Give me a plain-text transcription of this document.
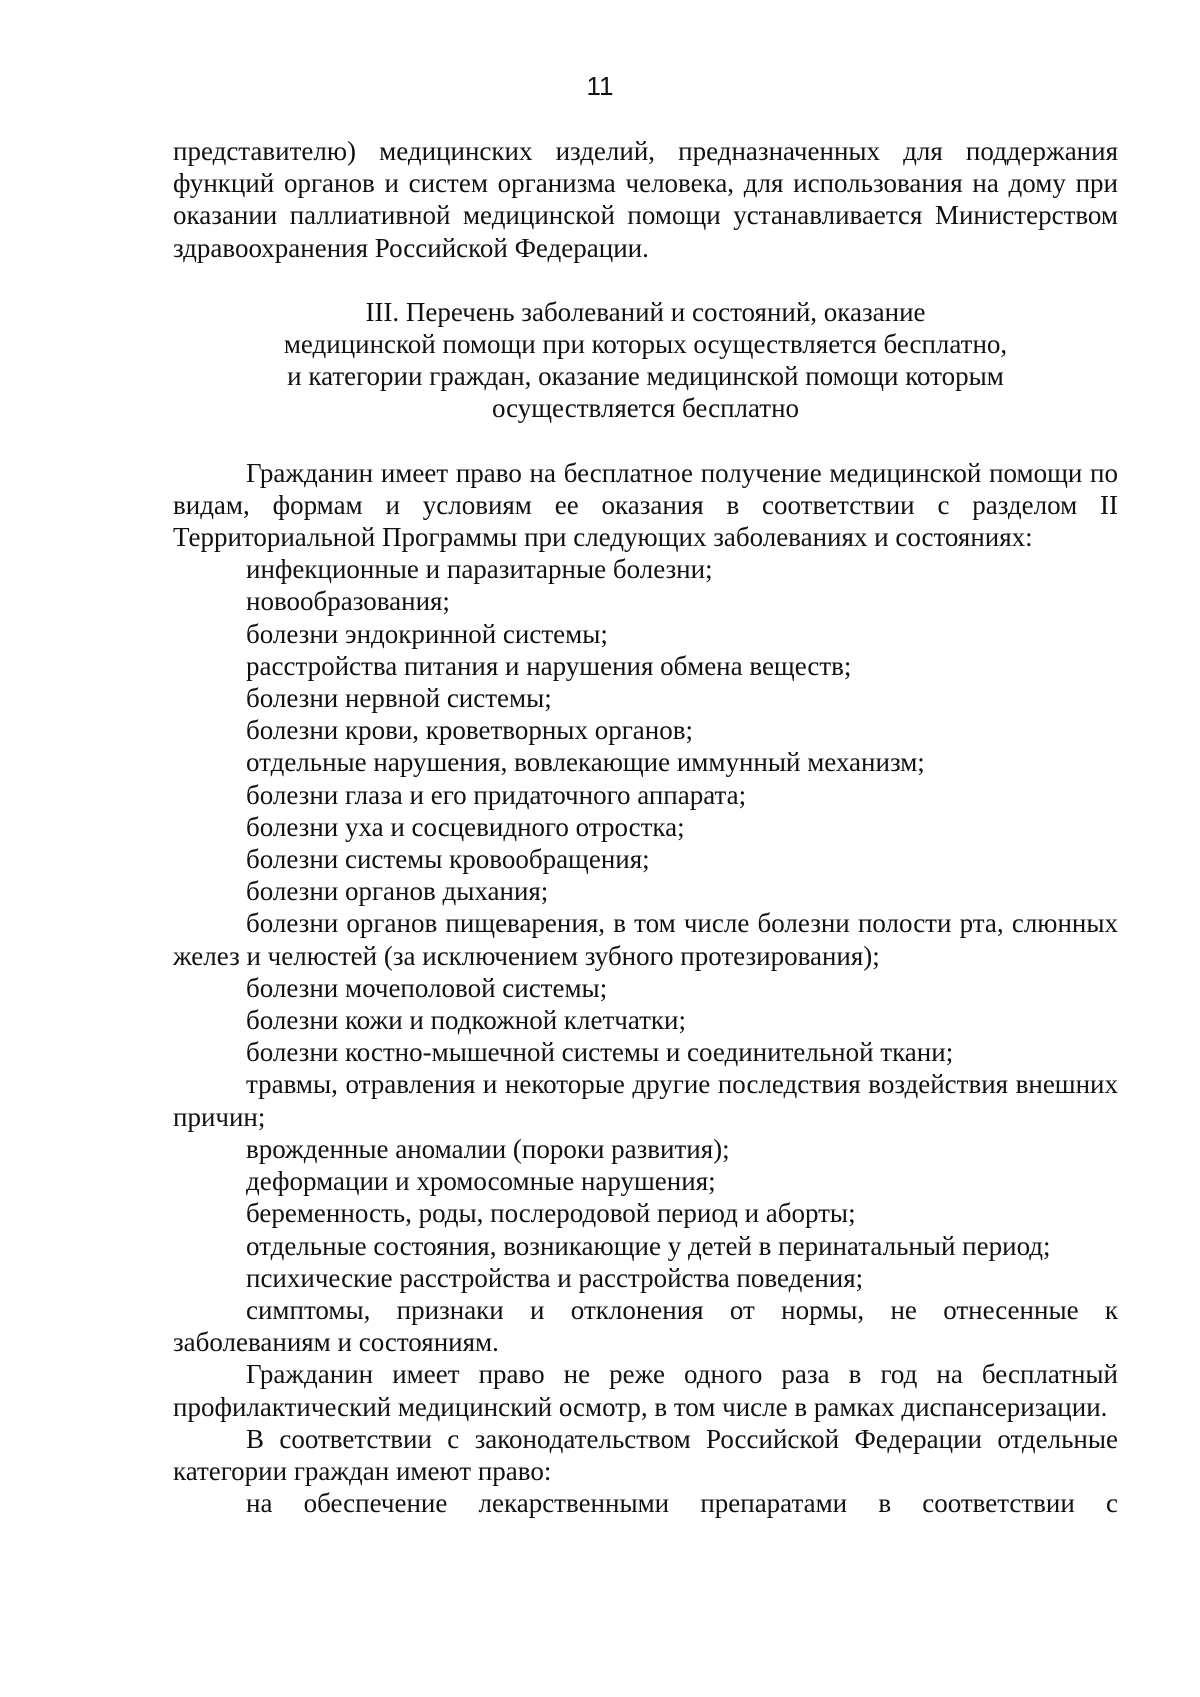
11

представителю) медицинских изделий, предназначенных для поддержания функций органов и систем организма человека, для использования на дому при оказании паллиативной медицинской помощи устанавливается Министерством здравоохранения Российской Федерации.

III. Перечень заболеваний и состояний, оказание
медицинской помощи при которых осуществляется бесплатно,
и категории граждан, оказание медицинской помощи которым
осуществляется бесплатно

Гражданин имеет право на бесплатное получение медицинской помощи по видам, формам и условиям ее оказания в соответствии с разделом II Территориальной Программы при следующих заболеваниях и состояниях:

инфекционные и паразитарные болезни;

новообразования;

болезни эндокринной системы;

расстройства питания и нарушения обмена веществ;

болезни нервной системы;

болезни крови, кроветворных органов;

отдельные нарушения, вовлекающие иммунный механизм;

болезни глаза и его придаточного аппарата;

болезни уха и сосцевидного отростка;

болезни системы кровообращения;

болезни органов дыхания;

болезни органов пищеварения, в том числе болезни полости рта, слюнных желез и челюстей (за исключением зубного протезирования);

болезни мочеполовой системы;

болезни кожи и подкожной клетчатки;

болезни костно-мышечной системы и соединительной ткани;

травмы, отравления и некоторые другие последствия воздействия внешних причин;

врожденные аномалии (пороки развития);

деформации и хромосомные нарушения;

беременность, роды, послеродовой период и аборты;

отдельные состояния, возникающие у детей в перинатальный период;

психические расстройства и расстройства поведения;

симптомы, признаки и отклонения от нормы, не отнесенные к заболеваниям и состояниям.

Гражданин имеет право не реже одного раза в год на бесплатный профилактический медицинский осмотр, в том числе в рамках диспансеризации.

В соответствии с законодательством Российской Федерации отдельные категории граждан имеют право:

на обеспечение лекарственными препаратами в соответствии с
